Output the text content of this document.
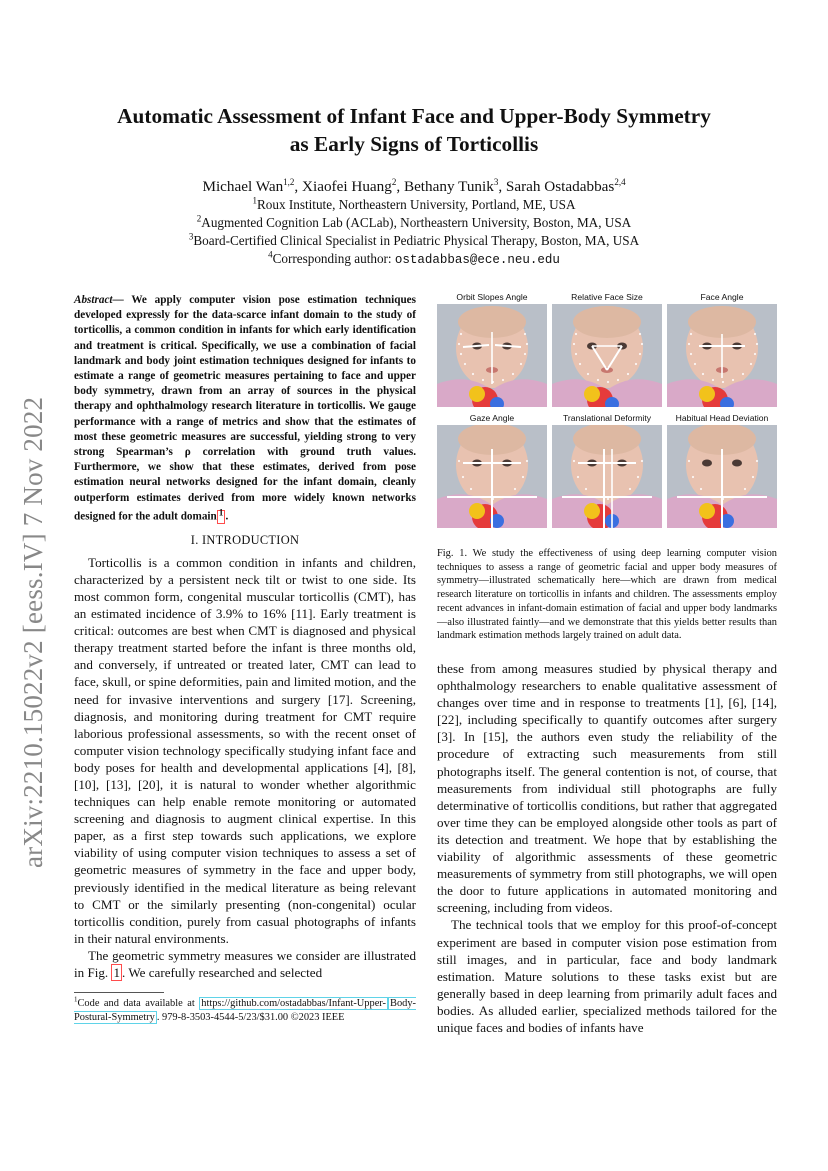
arXiv:2210.15022v2 [eess.IV] 7 Nov 2022
Automatic Assessment of Infant Face and Upper-Body Symmetry
as Early Signs of Torticollis
Michael Wan$^{1,2}$, Xiaofei Huang$^2$, Bethany Tunik$^3$, Sarah Ostadabbas$^{2,4}$
$^1$Roux Institute, Northeastern University, Portland, ME, USA
$^2$Augmented Cognition Lab (ACLab), Northeastern University, Boston, MA, USA
$^3$Board-Certified Clinical Specialist in Pediatric Physical Therapy, Boston, MA, USA
$^4$Corresponding author: ostadabbas@ece.neu.edu
Abstract— We apply computer vision pose estimation techniques developed expressly for the data-scarce infant domain to the study of torticollis, a common condition in infants for which early identification and treatment is critical. Specifically, we use a combination of facial landmark and body joint estimation techniques designed for infants to estimate a range of geometric measures pertaining to face and upper body symmetry, drawn from an array of sources in the physical therapy and ophthalmology research literature in torticollis. We gauge performance with a range of metrics and show that the estimates of most these geometric measures are successful, yielding strong to very strong Spearman’s ρ correlation with ground truth values. Furthermore, we show that these estimates, derived from pose estimation neural networks designed for the infant domain, cleanly outperform estimates derived from more widely known networks designed for the adult domain $^1$ .
I. INTRODUCTION

Torticollis is a common condition in infants and children, characterized by a persistent neck tilt or twist to one side. Its most common form, congenital muscular torticollis (CMT), has an estimated incidence of 3.9% to 16% [11]. Early treatment is critical: outcomes are best when CMT is diagnosed and physical therapy treatment started before the infant is three months old, and conversely, if untreated or treated later, CMT can lead to face, skull, or spine deformities, pain and limited motion, and the need for invasive interventions and surgery [17]. Screening, diagnosis, and monitoring during treatment for CMT require laborious professional assessments, so with the recent onset of computer vision technology specifically studying infant face and body poses for health and developmental applications [4], [8], [10], [13], [20], it is natural to wonder whether algorithmic techniques can help enable remote monitoring or automated screening and diagnosis to augment clinical expertise. In this paper, as a first step towards such applications, we explore viability of using computer vision techniques to assess a set of geometric measures of symmetry in the face and upper body, previously identified in the medical literature as being relevant to CMT or the similarly presenting (non-congenital) ocular torticollis condition, purely from casual photographs of infants in their natural environments.

The geometric symmetry measures we consider are illustrated in Fig. 1 . We carefully researched and selected

$^1$Code and data available at https://github.com/ostadabbas/Infant-Upper- Body-Postural-Symmetry . 979-8-3503-4544-5/23/$31.00 ©2023 IEEE
Orbit Slopes Angle	Relative Face Size	Face Angle
Gaze Angle	Translational Deformity	Habitual Head Deviation
Fig. 1. We study the effectiveness of using deep learning computer vision techniques to assess a range of geometric facial and upper body measures of symmetry—illustrated schematically here—which are drawn from medical research literature on torticollis in infants and children. The assessments employ recent advances in infant-domain estimation of facial and upper body landmarks—also illustrated faintly—and we demonstrate that this yields better results than landmark estimation methods largely trained on adult data.

these from among measures studied by physical therapy and ophthalmology researchers to enable qualitative assessment of changes over time and in response to treatments [1], [6], [14], [22], including specifically to quantify outcomes after surgery [3]. In [15], the authors even study the reliability of the procedure of extracting such measurements from still photographs itself. The general contention is not, of course, that measurements from individual still photographs are fully determinative of torticollis conditions, but rather that aggregated over time they can be employed alongside other tools as part of its detection and treatment. We hope that by establishing the viability of algorithmic assessments of these geometric measurements of symmetry from still photographs, we will open the door to future applications in automated monitoring and screening, including from videos.

The technical tools that we employ for this proof-of-concept experiment are based in computer vision pose estimation from still images, and in particular, face and body landmark estimation. Mature solutions to these tasks exist but are generally based in deep learning from primarily adult faces and bodies. As alluded earlier, specialized methods tailored for the unique faces and bodies of infants have
